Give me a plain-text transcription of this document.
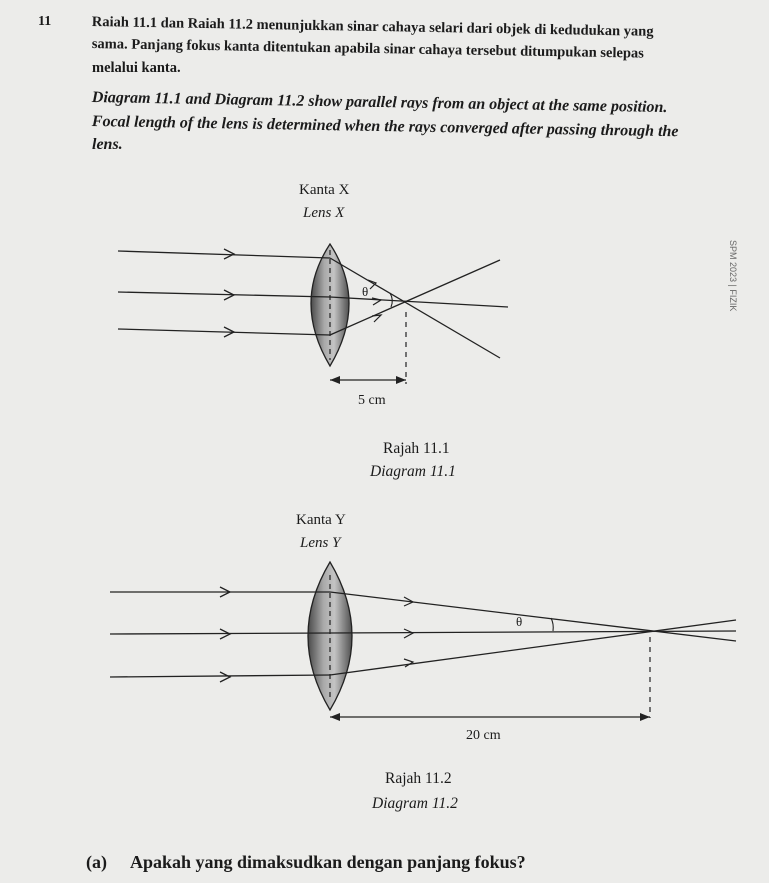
11	Raiah 11.1 dan Raiah 11.2 menunjukkan sinar cahaya selari dari objek di kedudukan yang

sama. Panjang fokus kanta ditentukan apabila sinar cahaya tersebut ditumpukan selepas

melalui kanta.

Diagram 11.1 and Diagram 11.2 show parallel rays from an object at the same position.

Focal length of the lens is determined when the rays converged after passing through the

lens.

Kanta X

Lens X

θ
5 cm

Rajah 11.1

Diagram 11.1

Kanta Y

Lens Y

θ
20 cm

Rajah 11.2

Diagram 11.2

SPM 2023 | FIZIK

(a) Apakah yang dimaksudkan dengan panjang fokus?
